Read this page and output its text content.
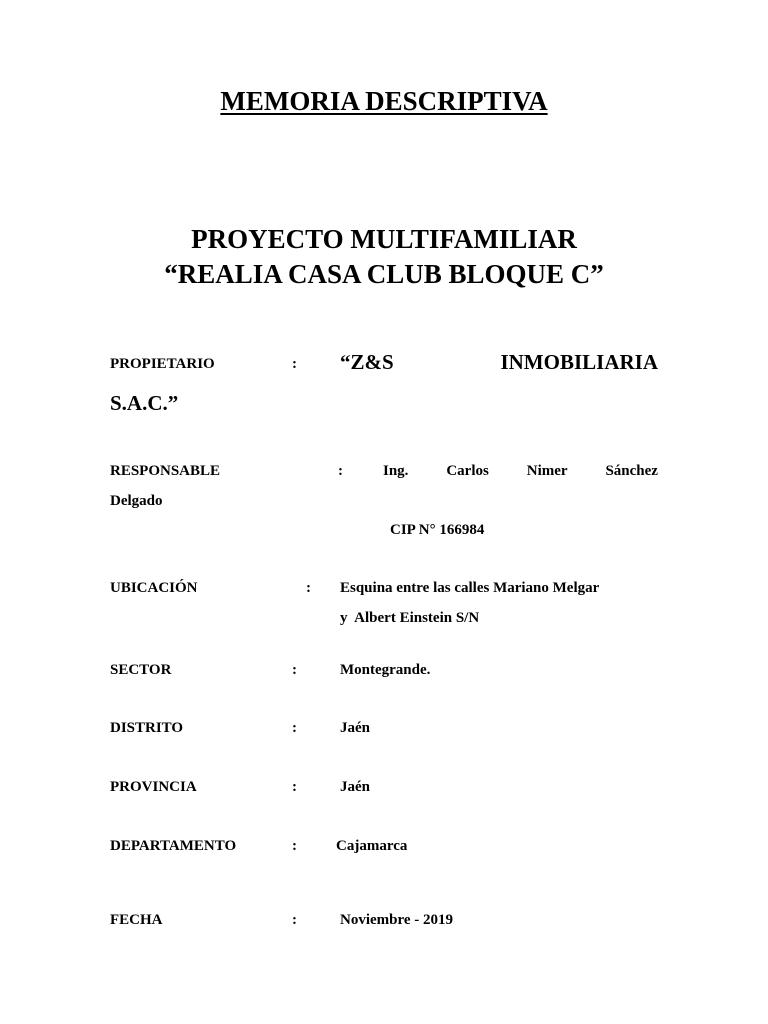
MEMORIA DESCRIPTIVA
PROYECTO MULTIFAMILIAR
“REALIA CASA CLUB BLOQUE C”
PROPIETARIO	: “Z&S	INMOBILIARIA
S.A.C.”
RESPONSABLE	:	Ing.	Carlos	Nimer	Sánchez
Delgado
CIP N° 166984
UBICACIÓN	: Esquina entre las calles Mariano Melgar
y  Albert Einstein S/N
SECTOR	:	Montegrande.
DISTRITO	:	Jaén
PROVINCIA	:	Jaén
DEPARTAMENTO	:	Cajamarca
FECHA	:	Noviembre - 2019
